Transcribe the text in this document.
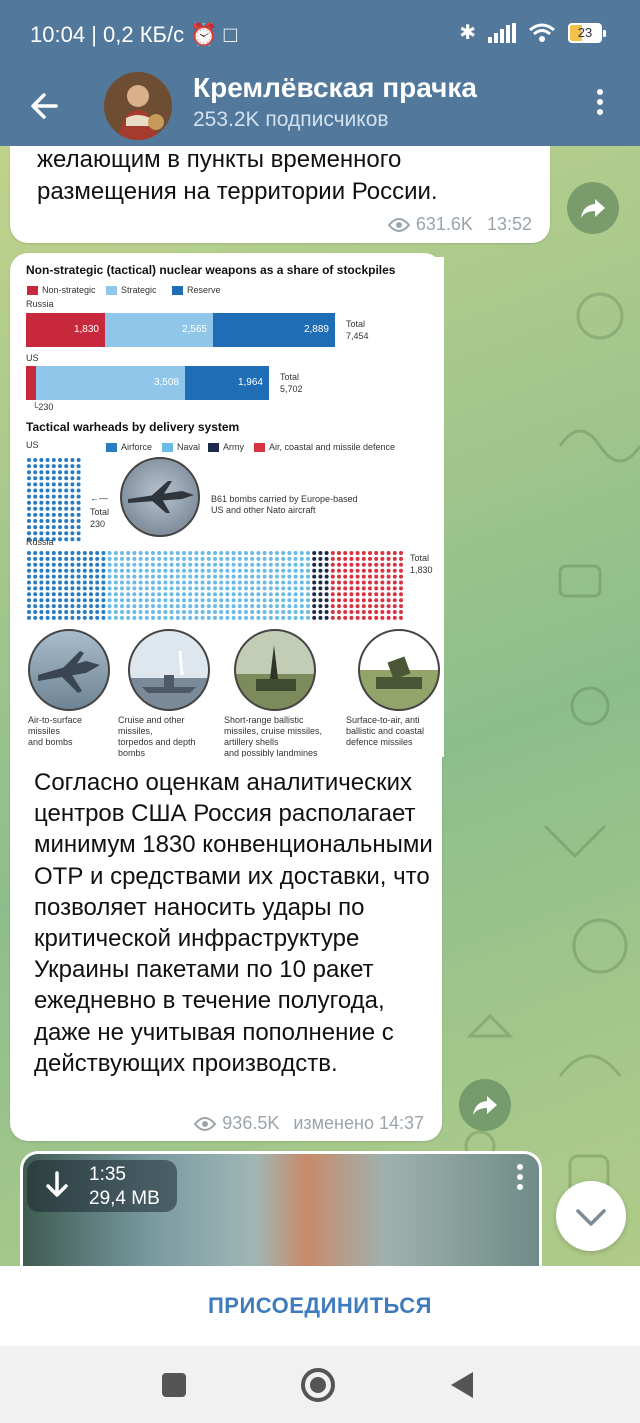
10:04 | 0,2 КБ/с ⏰ □	✱	23
Кремлёвская прачка
253.2K подписчиков
желающим в пункты временного
размещения на территории России.
631.6K 13:52
Non-strategic (tactical) nuclear weapons as a share of stockpiles
Non-strategic	Strategic	Reserve
Russia
1,830	2,565	2,889	Total
7,454
US
3,508	1,964	Total
5,702
└230
Tactical warheads by delivery system
US	Airforce	Naval	Army	Air, coastal and missile defence
←—
Total
230
B61 bombs carried by Europe-based
US and other Nato aircraft
Russia
Total
1,830
Air-to-surface
missiles
and bombs
Cruise and other
missiles,
torpedos and depth
bombs
Short-range ballistic
missiles, cruise missiles,
artillery shells
and possibly landmines
Surface-to-air, anti
ballistic and coastal
defence missiles
Согласно оценкам аналитических центров США Россия располагает минимум 1830 конвенциональными ОТР и средствами их доставки, что позволяет наносить удары по критической инфраструктуре Украины пакетами по 10 ракет ежедневно в течение полугода, даже не учитывая пополнение с действующих производств.
936.5K изменено 14:37
1:35
29,4 MB
ПРИСОЕДИНИТЬСЯ
